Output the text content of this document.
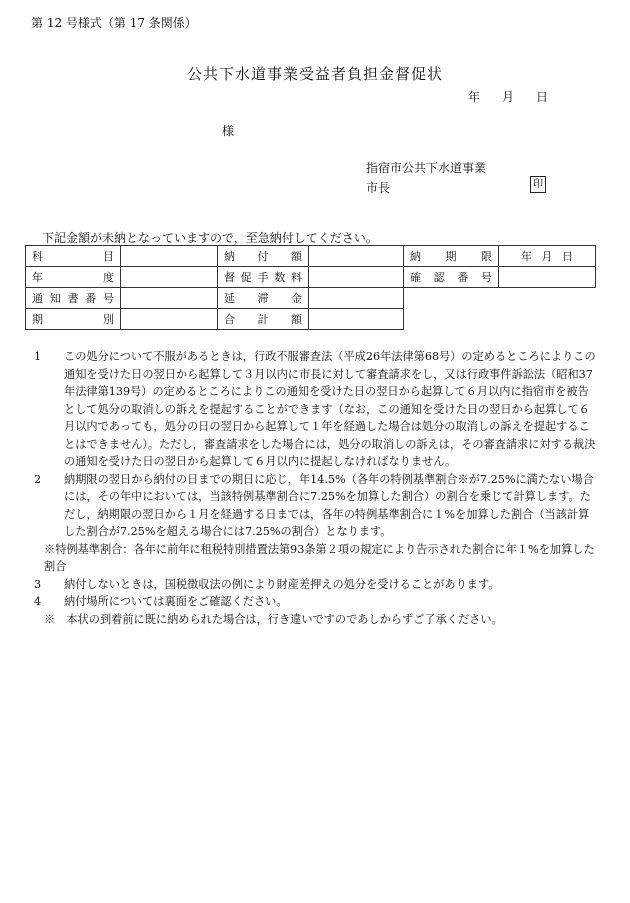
第 12 号様式（第 17 条関係）
公共下水道事業受益者負担金督促状
年 月 日
様
指宿市公共下水道事業
市長	印
下記金額が未納となっていますので，至急納付してください。
科目		納付額		納期限	年 月 日
年度		督促手数料		確認番号	
通知書番号		延滞金			
期別		合計額			
1	この処分について不服があるときは，行政不服審査法（平成26年法律第68号）の定めるところによりこの通知を受けた日の翌日から起算して３月以内に市長に対して審査請求をし，又は行政事件訴訟法（昭和37年法律第139号）の定めるところによりこの通知を受けた日の翌日から起算して６月以内に指宿市を被告として処分の取消しの訴えを提起することができます（なお，この通知を受けた日の翌日から起算して６月以内であっても，処分の日の翌日から起算して１年を経過した場合は処分の取消しの訴えを提起することはできません）。ただし，審査請求をした場合には，処分の取消しの訴えは，その審査請求に対する裁決の通知を受けた日の翌日から起算して６月以内に提起しなければなりません。
2	納期限の翌日から納付の日までの期日に応じ，年14.5%（各年の特例基準割合※が7.25%に満たない場合には，その年中においては，当該特例基準割合に7.25%を加算した割合）の割合を乗じて計算します。ただし，納期限の翌日から１月を経過する日までは，各年の特例基準割合に１%を加算した割合（当該計算した割合が7.25%を超える場合には7.25%の割合）となります。
※特例基準割合：各年に前年に租税特別措置法第93条第２項の規定により告示された割合に年１%を加算した割合
3	納付しないときは，国税徴収法の例により財産差押えの処分を受けることがあります。
4	納付場所については裏面をご確認ください。
※　本状の到着前に既に納められた場合は，行き違いですのであしからずご了承ください。
